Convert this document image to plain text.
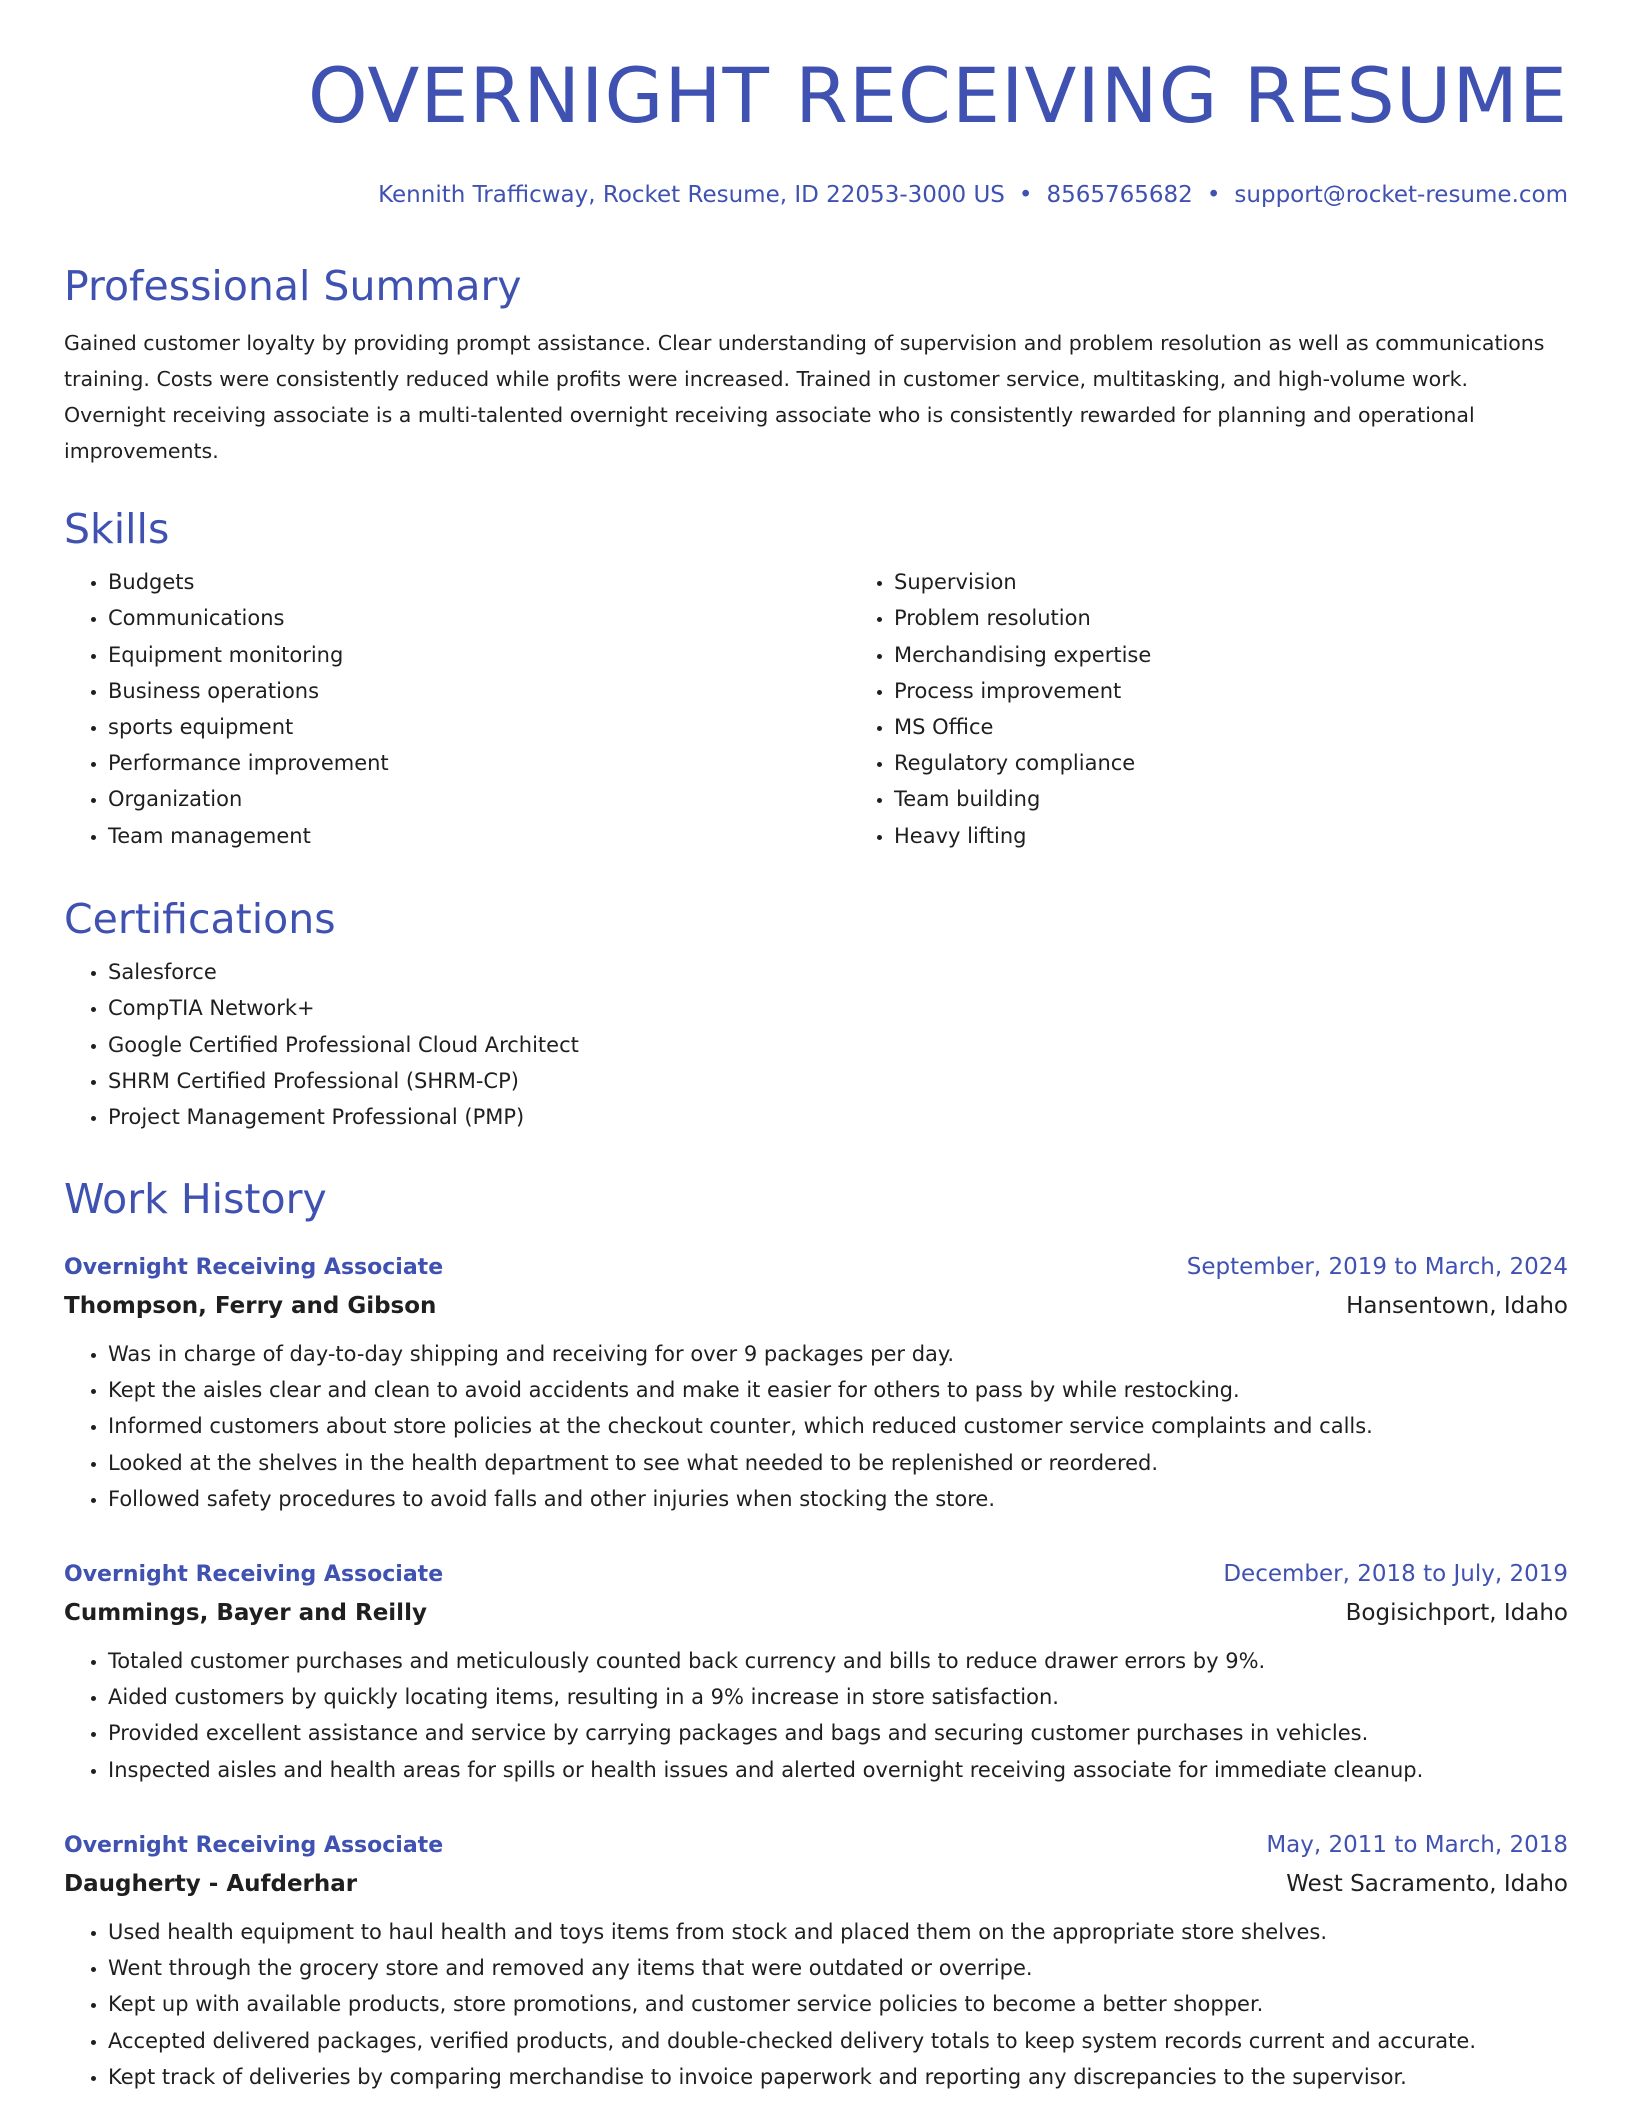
OVERNIGHT RECEIVING RESUME
Kennith Trafficway, Rocket Resume, ID 22053-3000 US • 8565765682 • support@rocket-resume.com
Professional Summary

Gained customer loyalty by providing prompt assistance. Clear understanding of supervision and problem resolution as well as communications training. Costs were consistently reduced while profits were increased. Trained in customer service, multitasking, and high-volume work. Overnight receiving associate is a multi-talented overnight receiving associate who is consistently rewarded for planning and operational improvements.

Skills
• Budgets
• Communications
• Equipment monitoring
• Business operations
• sports equipment
• Performance improvement
• Organization
• Team management
• Supervision
• Problem resolution
• Merchandising expertise
• Process improvement
• MS Office
• Regulatory compliance
• Team building
• Heavy lifting
Certifications
• Salesforce
• CompTIA Network+
• Google Certified Professional Cloud Architect
• SHRM Certified Professional (SHRM-CP)
• Project Management Professional (PMP)
Work History
Overnight Receiving Associate	September, 2019 to March, 2024
Thompson, Ferry and Gibson	Hansentown, Idaho
• Was in charge of day-to-day shipping and receiving for over 9 packages per day.
• Kept the aisles clear and clean to avoid accidents and make it easier for others to pass by while restocking.
• Informed customers about store policies at the checkout counter, which reduced customer service complaints and calls.
• Looked at the shelves in the health department to see what needed to be replenished or reordered.
• Followed safety procedures to avoid falls and other injuries when stocking the store.
Overnight Receiving Associate	December, 2018 to July, 2019
Cummings, Bayer and Reilly	Bogisichport, Idaho
• Totaled customer purchases and meticulously counted back currency and bills to reduce drawer errors by 9%.
• Aided customers by quickly locating items, resulting in a 9% increase in store satisfaction.
• Provided excellent assistance and service by carrying packages and bags and securing customer purchases in vehicles.
• Inspected aisles and health areas for spills or health issues and alerted overnight receiving associate for immediate cleanup.
Overnight Receiving Associate	May, 2011 to March, 2018
Daugherty - Aufderhar	West Sacramento, Idaho
• Used health equipment to haul health and toys items from stock and placed them on the appropriate store shelves.
• Went through the grocery store and removed any items that were outdated or overripe.
• Kept up with available products, store promotions, and customer service policies to become a better shopper.
• Accepted delivered packages, verified products, and double-checked delivery totals to keep system records current and accurate.
• Kept track of deliveries by comparing merchandise to invoice paperwork and reporting any discrepancies to the supervisor.
